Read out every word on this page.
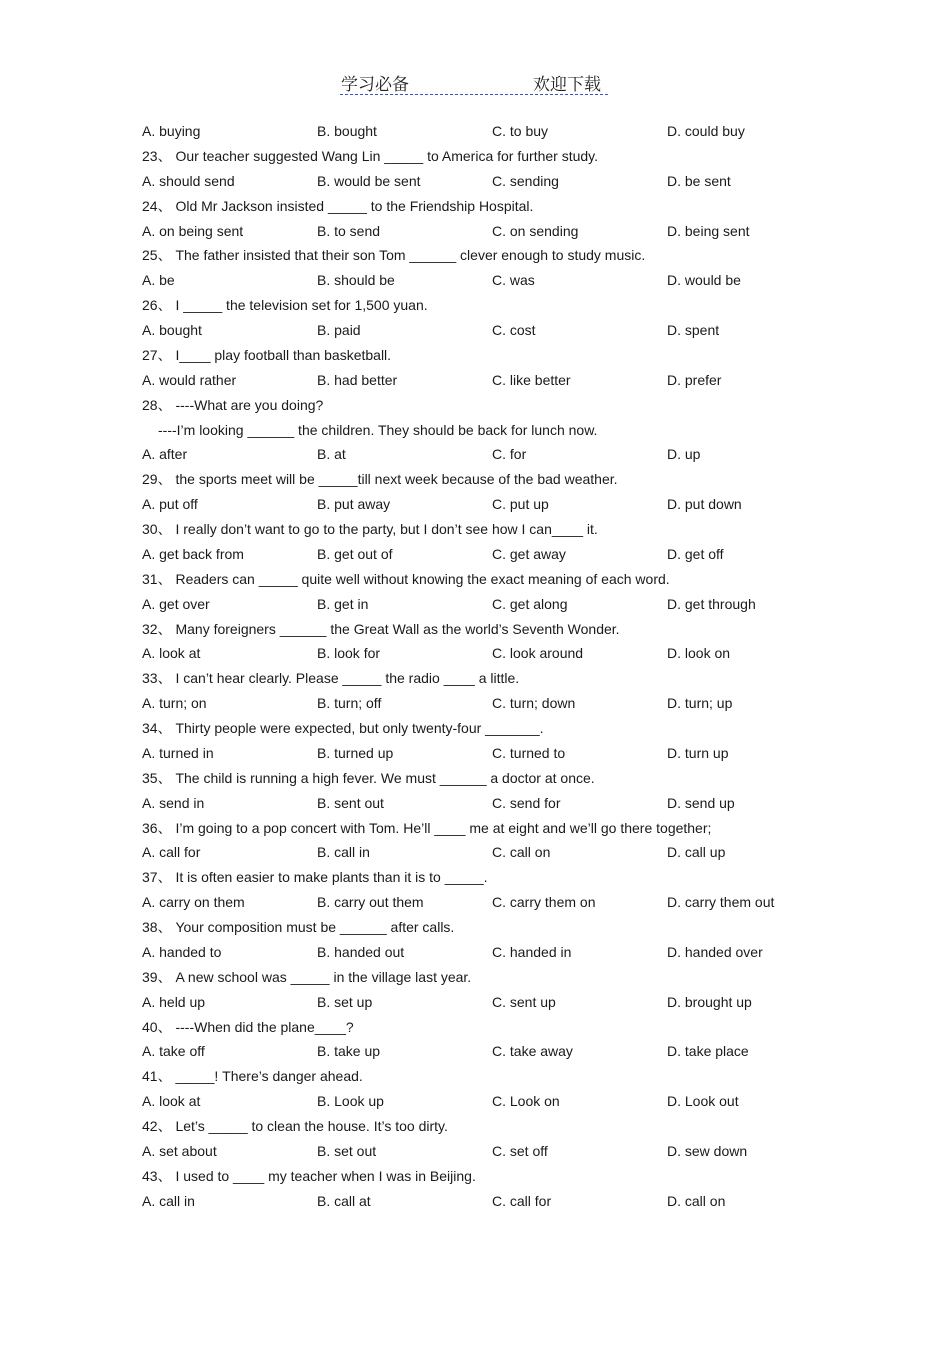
学习必备	欢迎下载
A. buying	B. bought	C. to buy	D. could buy
23、 Our teacher suggested Wang Lin _____ to America for further study.
A. should send	B. would be sent	C. sending	D. be sent
24、 Old Mr Jackson insisted _____ to the Friendship Hospital.
A. on being sent	B. to send	C. on sending	D. being sent
25、 The father insisted that their son Tom ______ clever enough to study music.
A. be	B. should be	C. was	D. would be
26、 I _____ the television set for 1,500 yuan.
A. bought	B. paid	C. cost	D. spent
27、 I____ play football than basketball.
A. would rather	B. had better	C. like better	D. prefer
28、 ----What are you doing?
----I’m looking ______ the children. They should be back for lunch now.
A. after	B. at	C. for	D. up
29、 the sports meet will be _____till next week because of the bad weather.
A. put off	B. put away	C. put up	D. put down
30、 I really don’t want to go to the party, but I don’t see how I can____ it.
A. get back from	B. get out of	C. get away	D. get off
31、 Readers can _____ quite well without knowing the exact meaning of each word.
A. get over	B. get in	C. get along	D. get through
32、 Many foreigners ______ the Great Wall as the world’s Seventh Wonder.
A. look at	B. look for	C. look around	D. look on
33、 I can’t hear clearly. Please _____ the radio ____ a little.
A. turn; on	B. turn; off	C. turn; down	D. turn; up
34、 Thirty people were expected, but only twenty-four _______.
A. turned in	B. turned up	C. turned to	D. turn up
35、 The child is running a high fever. We must ______ a doctor at once.
A. send in	B. sent out	C. send for	D. send up
36、 I’m going to a pop concert with Tom. He’ll ____ me at eight and we’ll go there together;
A. call for	B. call in	C. call on	D. call up
37、 It is often easier to make plants than it is to _____.
A. carry on them	B. carry out them	C. carry them on	D. carry them out
38、 Your composition must be ______ after calls.
A. handed to	B. handed out	C. handed in	D. handed over
39、 A new school was _____ in the village last year.
A. held up	B. set up	C. sent up	D. brought up
40、 ----When did the plane____?
A. take off	B. take up	C. take away	D. take place
41、 _____! There’s danger ahead.
A. look at	B. Look up	C. Look on	D. Look out
42、 Let’s _____ to clean the house. It’s too dirty.
A. set about	B. set out	C. set off	D. sew down
43、 I used to ____ my teacher when I was in Beijing.
A. call in	B. call at	C. call for	D. call on
